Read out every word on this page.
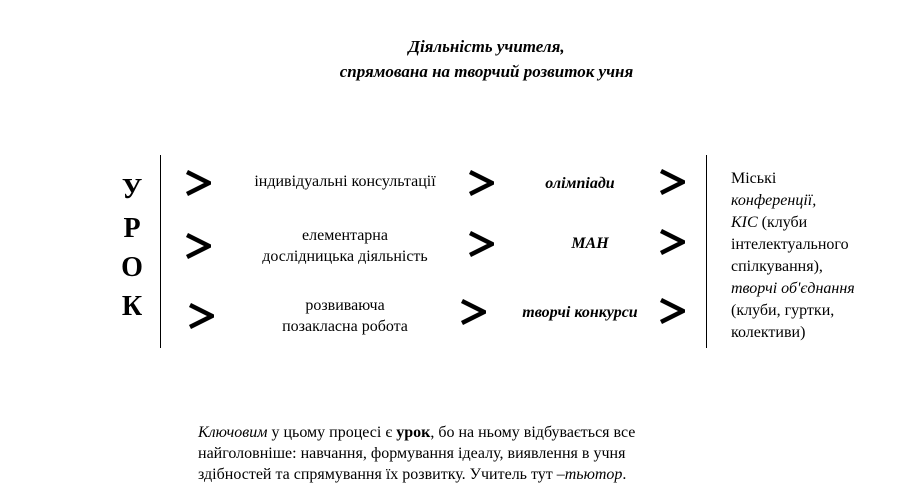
Діяльність учителя,
спрямована на творчий розвиток учня
У
Р
О
К
індивідуальні консультації	олімпіади
елементарна
дослідницька діяльність
МАН
розвиваюча
позакласна робота
творчі конкурси
Міські
конференції,
КІС (клуби
інтелектуального
спілкування),
творчі об'єднання
(клуби, гуртки,
колективи)
Ключовим у цьому процесі є урок, бо на ньому відбувається все
найголовніше: навчання, формування ідеалу, виявлення в учня
здібностей та спрямування їх розвитку. Учитель тут –тьютор.
